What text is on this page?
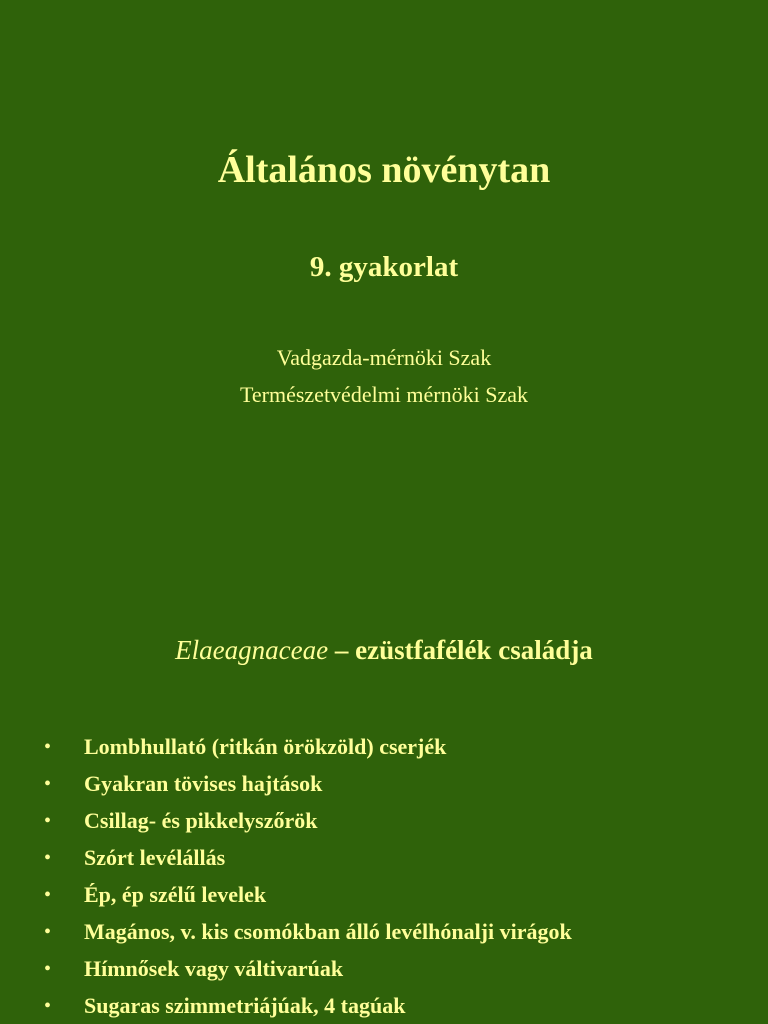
Általános növénytan
9. gyakorlat
Vadgazda-mérnöki Szak
Természetvédelmi mérnöki Szak
Elaeagnaceae – ezüstfafélék családja
• Lombhullató (ritkán örökzöld) cserjék
• Gyakran tövises hajtások
• Csillag- és pikkelyszőrök
• Szórt levélállás
• Ép, ép szélű levelek
• Magános, v. kis csomókban álló levélhónalji virágok
• Hímnősek vagy váltivarúak
• Sugaras szimmetriájúak, 4 tagúak
